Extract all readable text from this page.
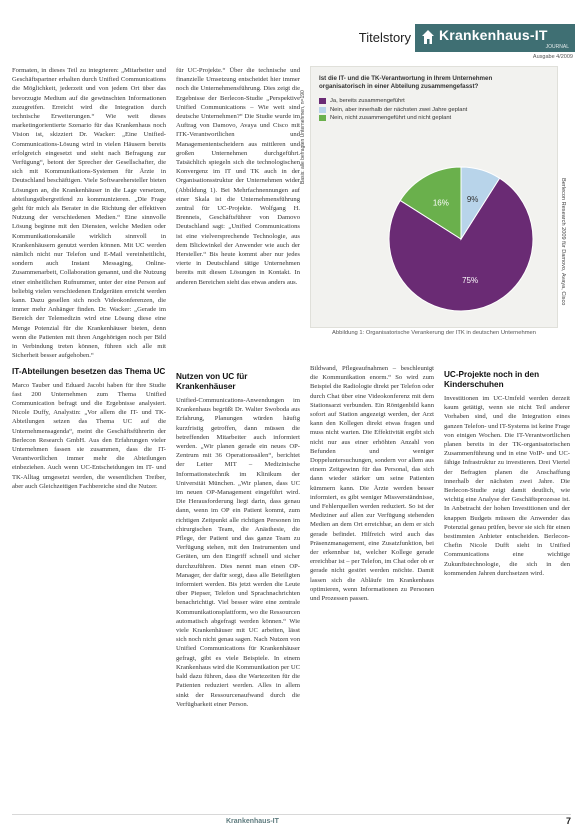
Titelstory Krankenhaus-IT
JOURNAL
Ausgabe 4/2009

Formaten, in dieses Teil zu integrieren: „Mitarbeiter und Geschäftspartner erhalten durch Unified Communications die Möglichkeit, jederzeit und von jedem Ort über das bevorzugte Medium auf die gewünschten Informationen zuzugreifen. Erreicht wird die Integration durch technische Erweiterungen.“ Wie weit dieses marketingorientierte Szenario für das Krankenhaus noch Vision ist, skizziert Dr. Wacker: „Eine Unified-Communications-Lösung wird in vielen Häusern bereits erfolgreich eingesetzt und steht nach Befragung zur Verfügung“, betont der Sprecher der Gesellschafter, die sich mit Kommunikations-Systemen für Ärzte in Deutschland beschäftigen. Viele Softwarehersteller bieten Lösungen an, die Krankenhäuser in die Lage versetzen, abteilungsübergreifend zu kommunizieren. „Die Frage geht für mich als Berater in die Richtung der effektiven Nutzung der verschiedenen Medien.“ Eine sinnvolle Lösung beginne mit den Diensten, welche Medien oder Kommunikationskanäle wirklich sinnvoll in Krankenhäusern genutzt werden können. Mit UC werden nämlich nicht nur Telefon und E-Mail vereinheitlicht, sondern auch Instant Messaging, Online-Zusammenarbeit, Collaboration genannt, und die Nutzung einer einheitlichen Rufnummer, unter der eine Person auf beliebig vielen verschiedenen Endgeräten erreicht werden kann. Dazu gesellen sich noch Videokonferenzen, die immer mehr Anhänger finden. Dr. Wacker: „Gerade im Bereich der Telemedizin wird eine Lösung diese eine Menge Potenzial für die Krankenhäuser bieten, denn wenn die Patienten mit ihren Angehörigen noch per Bild in Verbindung treten können, führen sich alle mit Sicherheit besser aufgehoben.“

IT-Abteilungen besetzen das Thema UC

Marco Tauber und Eduard Jacobi haben für ihre Studie fast 200 Unternehmen zum Thema Unified Communication befragt und die Ergebnisse analysiert. Nicole Duffy, Analystin: „Vor allem die IT- und TK-Abteilungen setzen das Thema UC auf die Unternehmensagenda“, meint die Geschäftsführerin der Berlecon Research GmbH. Aus den Erfahrungen vieler Unternehmen fassen sie zusammen, dass die IT-Verantwortlichen immer mehr die Abteilungen einbeziehen. Auch wenn UC-Entscheidungen im IT- und TK-Alltag umgesetzt werden, die wesentlichen Treiber, aber auch Gleichzeitigen Fachbereiche sind die Nutzer.

für UC-Projekte.“ Über die technische und finanzielle Umsetzung entscheidet hier immer noch die Unternehmensführung. Dies zeigt die Ergebnisse der Berlecon-Studie „Perspektive Unified Communications – Wie weit sind deutsche Unternehmen?“ Die Studie wurde im Auftrag von Damovo, Avaya und Cisco mit ITK-Verantwortlichen und Managemententscheidern aus mittleren und großen Unternehmen durchgeführt. Tatsächlich spiegeln sich die technologischen Konvergenz im IT und TK auch in der Organisationsstruktur der Unternehmen wider (Abbildung 1). Bei Mehrfachnennungen auf einer Skala ist die Unternehmensführung zentral für UC-Projekte. Wolfgang H. Brenneis, Geschäftsführer von Damovo Deutschland sagt: „Unified Communications ist eine vielversprechende Technologie, aus dem Blickwinkel der Anwender wie auch der Hersteller.“ Bis heute kommt aber nur jedes vierte in Deutschland tätige Unternehmen bereits mit diesen Lösungen in Kontakt. In anderen Bereichen sieht das etwas anders aus.

Nutzen von UC für Krankenhäuser

Unified-Communications-Anwendungen im Krankenhaus begrüßt Dr. Walter Swoboda aus Erfahrung, Planungen würden häufig kurzfristig getroffen, dann müssen die betreffenden Mitarbeiter auch informiert werden. „Wir planen gerade ein neues OP-Zentrum mit 36 Operationssälen“, berichtet der Leiter MIT – Medizinische Informationstechnik im Klinikum der Universität München. „Wir planen, dass UC im neuen OP-Management eingeführt wird. Die Herausforderung liegt darin, dass genau dann, wenn im OP ein Patient kommt, zum richtigen Zeitpunkt alle richtigen Personen im chirurgischen Team, die Anästhesie, die Pflege, der Patient und das ganze Team zu Verfügung stehen, mit den Instrumenten und Geräten, um den Eingriff schnell und sicher durchzuführen. Dies nennt man einen OP-Manager, der dafür sorgt, dass alle Beteiligten informiert werden. Bis jetzt werden die Leute über Piepser, Telefon und Sprachnachrichten benachrichtigt. Viel besser wäre eine zentrale Kommunikationsplattform, wo die Ressourcen automatisch abgefragt werden können.“ Wie viele Krankenhäuser mit UC arbeiten, lässt sich noch nicht genau sagen. Nach Nutzen von Unified Communications für Krankenhäuser gefragt, gibt es viele Beispiele. In einem Krankenhaus wird die Kommunikation per UC bald dazu führen, dass die Wartezeiten für die Patienten reduziert werden. Alles in allem sinkt der Ressourcenaufwand durch die Verfügbarkeit einer Person.

Ist die IT- und die TK-Verantwortung in Ihrem Unternehmen organisatorisch in einer Abteilung zusammengefasst?
Ja, bereits zusammengeführt
Nein, aber innerhalb der nächsten zwei Jahre geplant
Nein, nicht zusammengeführt und nicht geplant
75%
9%
16%
Basis: alle befragten Unternehmen, n=190
Berlecon Research 2009 für Damovo, Avaya, Cisco
Abbildung 1: Organisatorische Verankerung der ITK in deutschen Unternehmen

Bildwand, Pflegeaufnahmen – beschleunigt die Kommunikation enorm.“ So wird zum Beispiel die Radiologie direkt per Telefon oder durch Chat über eine Videokonferenz mit dem Stationsarzt verbunden. Ein Röntgenbild kann sofort auf Station angezeigt werden, der Arzt kann den Kollegen direkt etwas fragen und muss nicht warten. Die Effektivität ergibt sich nicht nur aus einer erhöhten Anzahl von Befunden und weniger Doppeluntersuchungen, sondern vor allem aus einem Zeitgewinn für das Personal, das sich dann wieder stärker um seine Patienten kümmern kann. Die Ärzte werden besser informiert, es gibt weniger Missverständnisse, und Fehlerquellen werden reduziert. So ist der Mediziner auf allen zur Verfügung stehenden Medien an dem Ort erreichbar, an dem er sich gerade befindet. Hilfreich wird auch das Präsenzmanagement, eine Zusatzfunktion, bei der erkennbar ist, welcher Kollege gerade erreichbar ist – per Telefon, im Chat oder ob er gerade nicht gestört werden möchte. Damit lassen sich die Abläufe im Krankenhaus optimieren, wenn Informationen zu Personen und Prozessen passen.

UC-Projekte noch in den Kinderschuhen

Investitionen im UC-Umfeld werden derzeit kaum getätigt, wenn sie nicht Teil anderer Vorhaben sind, und die Integration eines ganzen Telefon- und IT-Systems ist keine Frage von einigen Wochen. Die IT-Verantwortlichen planen bereits in der TK-organisatorischen Zusammenführung und in eine VoIP- und UC-fähige Infrastruktur zu investieren. Drei Viertel der Befragten planen die Anschaffung innerhalb der nächsten zwei Jahre. Die Berlecon-Studie zeigt damit deutlich, wie wichtig eine Analyse der Geschäftsprozesse ist. In Anbetracht der hohen Investitionen und der knappen Budgets müssen die Anwender das Potenzial genau prüfen, bevor sie sich für einen bestimmten Anbieter entscheiden. Berlecon-Chefin Nicole Dufft sieht in Unified Communications eine wichtige Zukunftstechnologie, die sich in den kommenden Jahren durchsetzen wird.

Krankenhaus-IT	7
